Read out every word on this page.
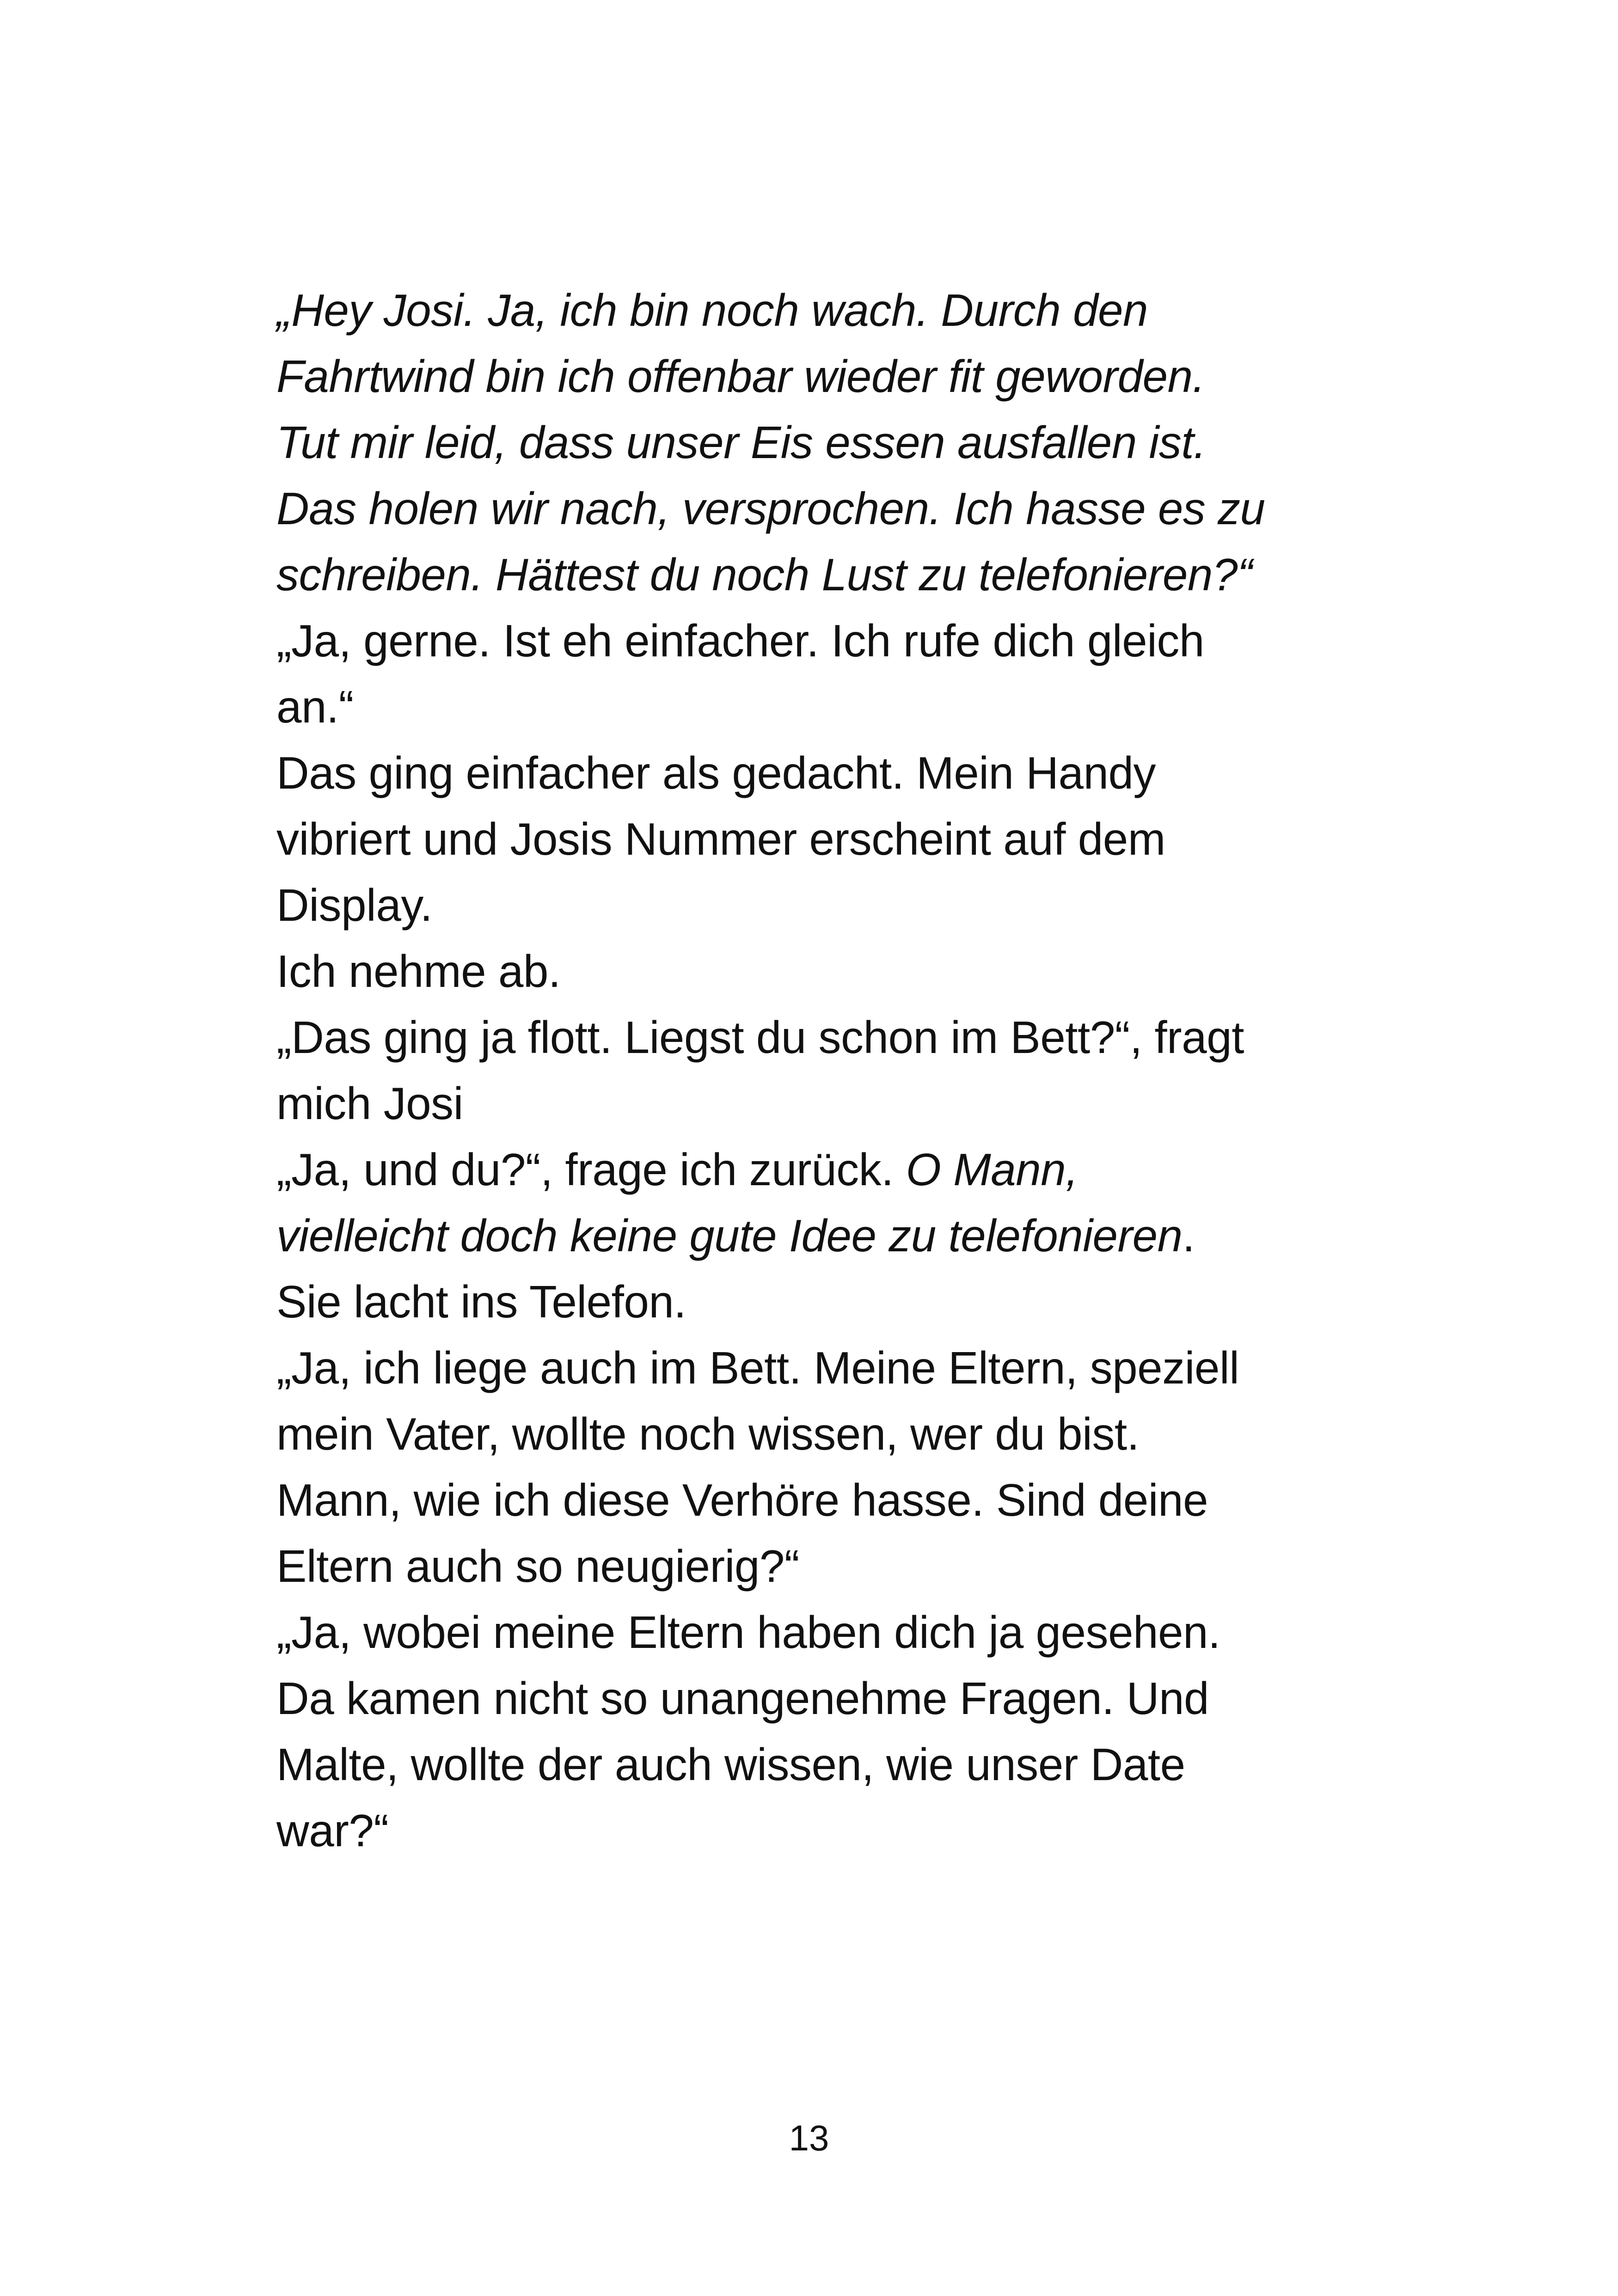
„Hey Josi. Ja, ich bin noch wach. Durch den
Fahrtwind bin ich offenbar wieder fit geworden.
Tut mir leid, dass unser Eis essen ausfallen ist.
Das holen wir nach, versprochen. Ich hasse es zu
schreiben. Hättest du noch Lust zu telefonieren?“
„Ja, gerne. Ist eh einfacher. Ich rufe dich gleich
an.“
Das ging einfacher als gedacht. Mein Handy
vibriert und Josis Nummer erscheint auf dem
Display.
Ich nehme ab.
„Das ging ja flott. Liegst du schon im Bett?“, fragt
mich Josi
„Ja, und du?“, frage ich zurück. O Mann,
vielleicht doch keine gute Idee zu telefonieren.
Sie lacht ins Telefon.
„Ja, ich liege auch im Bett. Meine Eltern, speziell
mein Vater, wollte noch wissen, wer du bist.
Mann, wie ich diese Verhöre hasse. Sind deine
Eltern auch so neugierig?“
„Ja, wobei meine Eltern haben dich ja gesehen.
Da kamen nicht so unangenehme Fragen. Und
Malte, wollte der auch wissen, wie unser Date
war?“
13
